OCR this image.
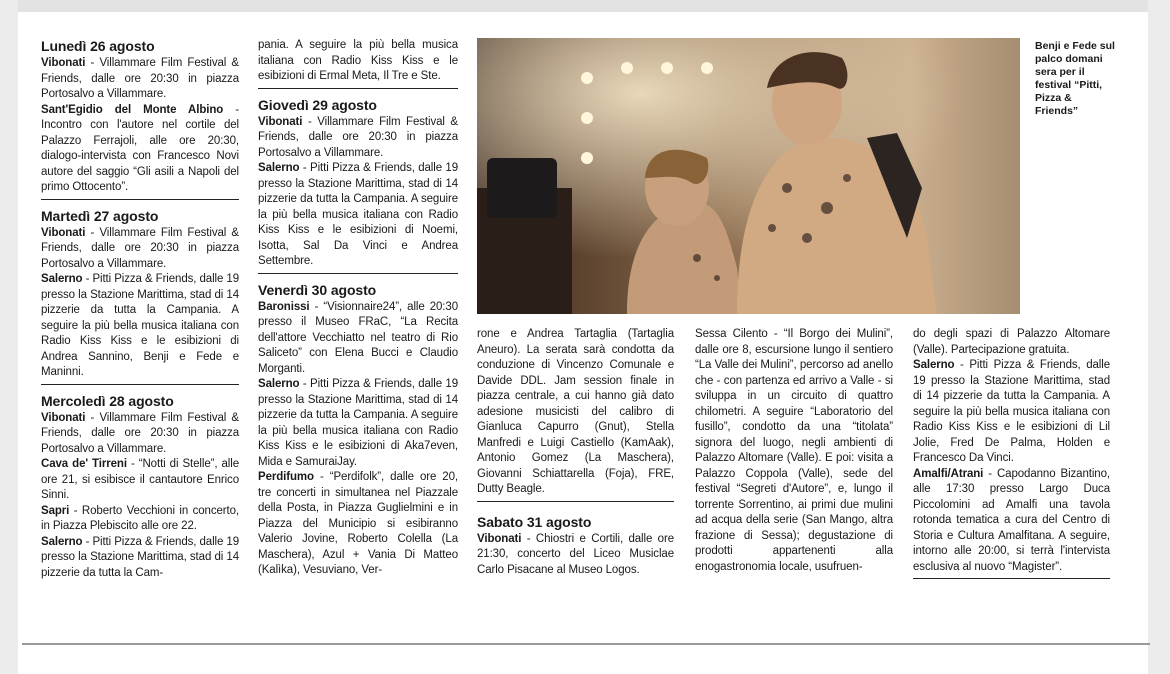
Lunedì 26 agosto

Vibonati - Villammare Film Festival & Friends, dalle ore 20:30 in piazza Portosalvo a Villammare.

Sant'Egidio del Monte Albino - Incontro con l'autore nel cortile del Palazzo Ferrajoli, alle ore 20:30, dialogo-intervista con Francesco Novi autore del saggio “Gli asili a Napoli del primo Ottocento”.

Martedì 27 agosto

Vibonati - Villammare Film Festival & Friends, dalle ore 20:30 in piazza Portosalvo a Villammare.

Salerno - Pitti Pizza & Friends, dalle 19 presso la Stazione Marittima, stad di 14 pizzerie da tutta la Campania. A seguire la più bella musica italiana con Radio Kiss Kiss e le esibizioni di Andrea Sannino, Benji e Fede e Maninni.

Mercoledì 28 agosto

Vibonati - Villammare Film Festival & Friends, dalle ore 20:30 in piazza Portosalvo a Villammare.

Cava de' Tirreni - “Notti di Stelle”, alle ore 21, si esibisce il cantautore Enrico Sinni.

Sapri - Roberto Vecchioni in concerto, in Piazza Plebiscito alle ore 22.

Salerno - Pitti Pizza & Friends, dalle 19 presso la Stazione Marittima, stad di 14 pizzerie da tutta la Cam-

pania. A seguire la più bella musica italiana con Radio Kiss Kiss e le esibizioni di Ermal Meta, Il Tre e Ste.

Giovedì 29 agosto

Vibonati - Villammare Film Festival & Friends, dalle ore 20:30 in piazza Portosalvo a Villammare.

Salerno - Pitti Pizza & Friends, dalle 19 presso la Stazione Marittima, stad di 14 pizzerie da tutta la Campania. A seguire la più bella musica italiana con Radio Kiss Kiss e le esibizioni di Noemi, Isotta, Sal Da Vinci e Andrea Settembre.

Venerdì 30 agosto

Baronissi - “Visionnaire24”, alle 20:30 presso il Museo FRaC, “La Recita dell'attore Vecchiatto nel teatro di Rio Saliceto” con Elena Bucci e Claudio Morganti.

Salerno - Pitti Pizza & Friends, dalle 19 presso la Stazione Marittima, stad di 14 pizzerie da tutta la Campania. A seguire la più bella musica italiana con Radio Kiss Kiss e le esibizioni di Aka7even, Mida e SamuraiJay.

Perdifumo - “Perdifolk”, dalle ore 20, tre concerti in simultanea nel Piazzale della Posta, in Piazza Guglielmini e in Piazza del Municipio si esibiranno Valerio Jovine, Roberto Colella (La Maschera), Azul + Vania Di Matteo (Kalìka), Vesuviano, Ver-

Benji e Fede sul palco domani sera per il festival “Pitti, Pizza & Friends”

rone e Andrea Tartaglia (Tartaglia Aneuro). La serata sarà condotta da conduzione di Vincenzo Comunale e Davide DDL. Jam session finale in piazza centrale, a cui hanno già dato adesione musicisti del calibro di Gianluca Capurro (Gnut), Stella Manfredi e Luigi Castiello (KamAak), Antonio Gomez (La Maschera), Giovanni Schiattarella (Foja), FRE, Dutty Beagle.

Sabato 31 agosto

Vibonati - Chiostri e Cortili, dalle ore 21:30, concerto del Liceo Musiclae Carlo Pisacane al Museo Logos.

Sessa Cilento - “Il Borgo dei Mulini”, dalle ore 8, escursione lungo il sentiero “La Valle dei Mulini”, percorso ad anello che - con partenza ed arrivo a Valle - si sviluppa in un circuito di quattro chilometri. A seguire “Laboratorio del fusillo”, condotto da una “titolata” signora del luogo, negli ambienti di Palazzo Altomare (Valle). E poi: visita a Palazzo Coppola (Valle), sede del festival “Segreti d'Autore”, e, lungo il torrente Sorrentino, ai primi due mulini ad acqua della serie (San Mango, altra frazione di Sessa); degustazione di prodotti appartenenti alla enogastronomia locale, usufruen-

do degli spazi di Palazzo Altomare (Valle). Partecipazione gratuita.

Salerno - Pitti Pizza & Friends, dalle 19 presso la Stazione Marittima, stad di 14 pizzerie da tutta la Campania. A seguire la più bella musica italiana con Radio Kiss Kiss e le esibizioni di Lil Jolie, Fred De Palma, Holden e Francesco Da Vinci.

Amalfi/Atrani - Capodanno Bizantino, alle 17:30 presso Largo Duca Piccolomini ad Amalfi una tavola rotonda tematica a cura del Centro di Storia e Cultura Amalfitana. A seguire, intorno alle 20:00, si terrà l'intervista esclusiva al nuovo “Magister”.
